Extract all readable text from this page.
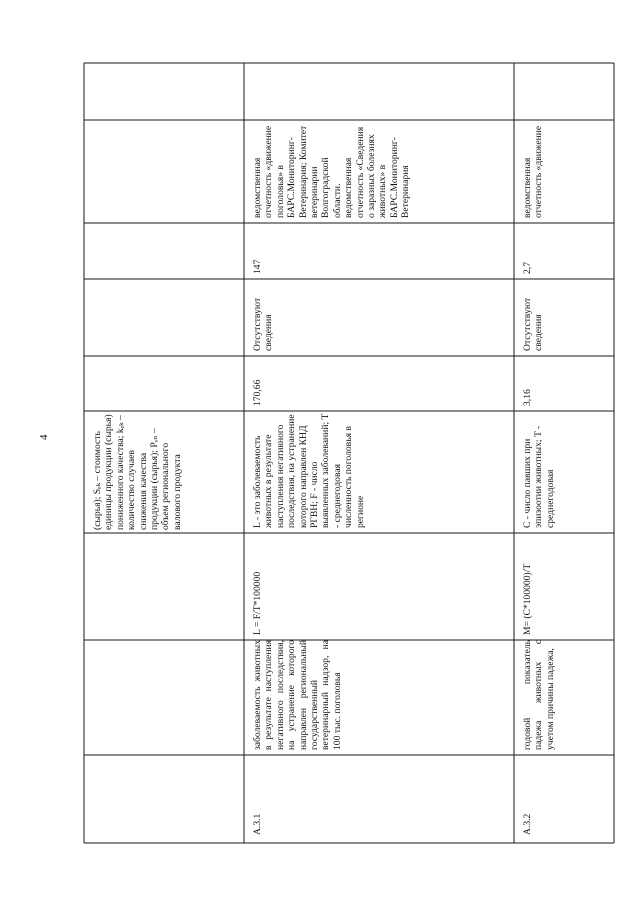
4	(сырья); Sₑₖ – стоимость единицы продукции (сырья) пониженного качества; kₑₖ – количество случаев снижения качества продукции (сырья); Pᵥₙ – объем регионального валового продукта
А.3.1
заболеваемость животных в результате наступления негативного последствия, на устранение которого направлен региональный государственный ветеринарный надзор, на 100 тыс. поголовья
L = F/T*100000
L - это заболеваемость животных в результате наступления негативного последствия, на устранение которого направлен КНД РГВН; F - число выявленных заболеваний; T - среднегодовая численность поголовья в регионе
170,66
Отсутствуют сведения
147
ведомственная отчетность «движение поголовья» в БАРС.Мониторинг-Ветеринария; Комитет ветеринарии Волгоградской области. ведомственная отчетность «Сведения о заразных болезнях животных» в БАРС.Мониторинг-Ветеринария
А.3.2
годовой показатель падежа животных с учетом причины падежа,
M= (C*100000)/T
C - число павших при эпизоотии животных; T - среднегодовая
3,16
Отсутствуют сведения
2,7
ведомственная отчетность «движение
